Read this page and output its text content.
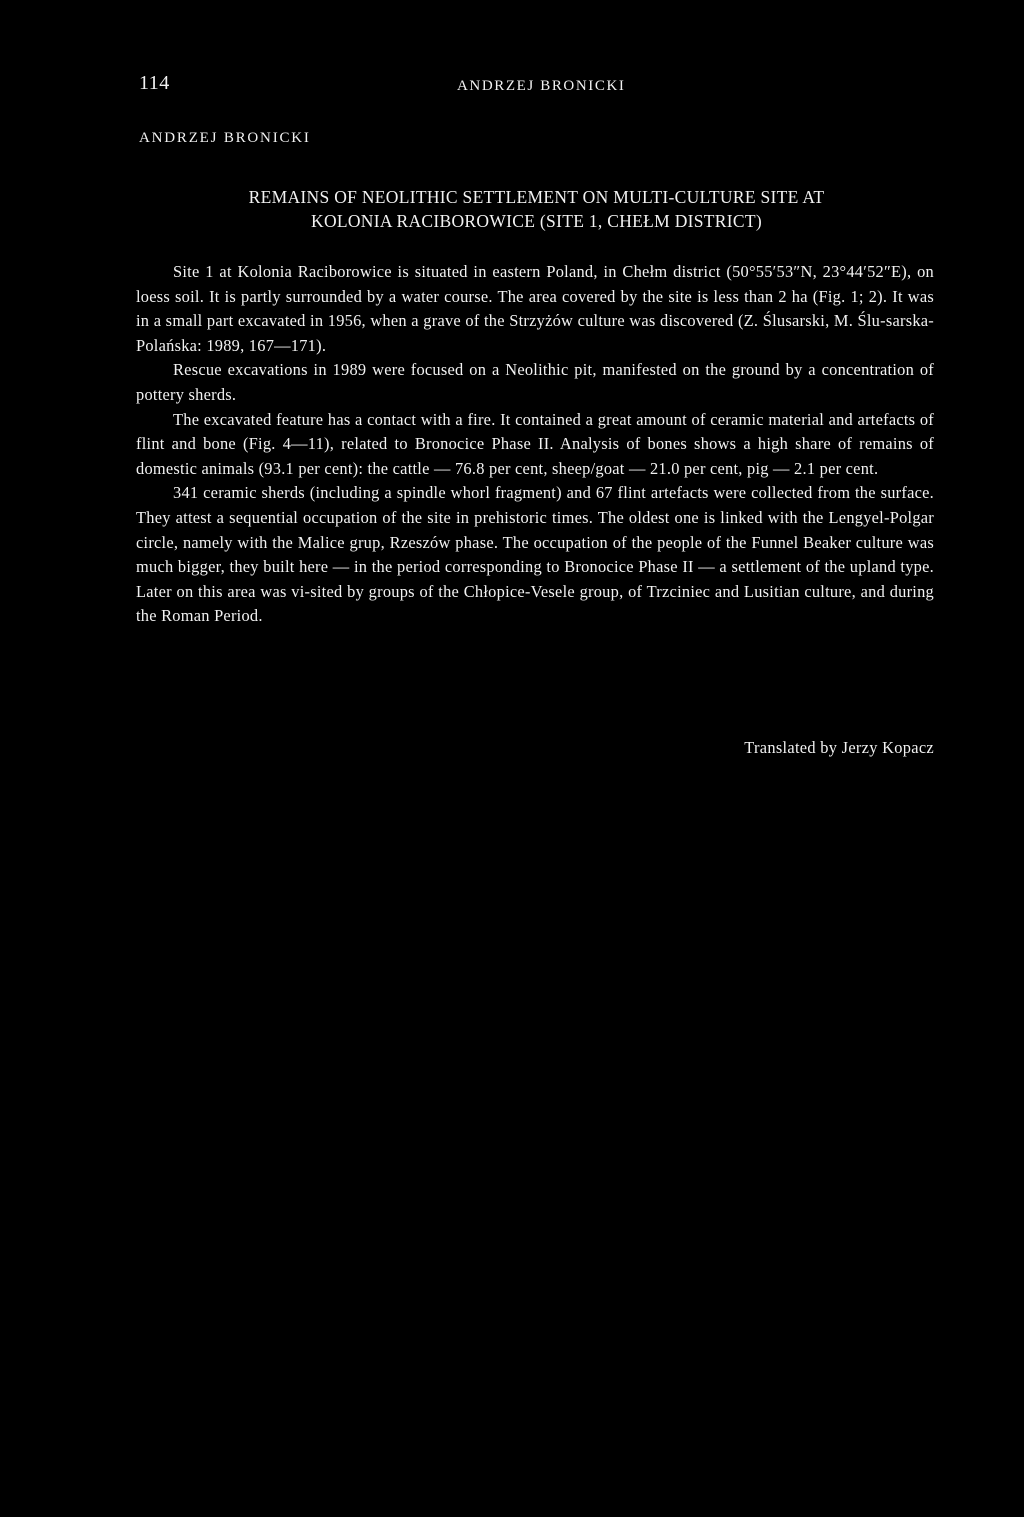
114	ANDRZEJ BRONICKI
ANDRZEJ BRONICKI
REMAINS OF NEOLITHIC SETTLEMENT ON MULTI-CULTURE SITE AT
KOLONIA RACIBOROWICE (SITE 1, CHEŁM DISTRICT)

Site 1 at Kolonia Raciborowice is situated in eastern Poland, in Chełm district (50°55′53″N, 23°44′52″E), on loess soil. It is partly surrounded by a water course. The area covered by the site is less than 2 ha (Fig. 1; 2). It was in a small part excavated in 1956, when a grave of the Strzyżów culture was discovered (Z. Ślusarski, M. Ślu-sarska-Polańska: 1989, 167—171).

Rescue excavations in 1989 were focused on a Neolithic pit, manifested on the ground by a concentration of pottery sherds.

The excavated feature has a contact with a fire. It contained a great amount of ceramic material and artefacts of flint and bone (Fig. 4—11), related to Bronocice Phase II. Analysis of bones shows a high share of remains of domestic animals (93.1 per cent): the cattle — 76.8 per cent, sheep/goat — 21.0 per cent, pig — 2.1 per cent.

341 ceramic sherds (including a spindle whorl fragment) and 67 flint artefacts were collected from the surface. They attest a sequential occupation of the site in prehistoric times. The oldest one is linked with the Lengyel-Polgar circle, namely with the Malice grup, Rzeszów phase. The occupation of the people of the Funnel Beaker culture was much bigger, they built here — in the period corresponding to Bronocice Phase II — a settlement of the upland type. Later on this area was vi-sited by groups of the Chłopice-Vesele group, of Trzciniec and Lusitian culture, and during the Roman Period.

Translated by Jerzy Kopacz
